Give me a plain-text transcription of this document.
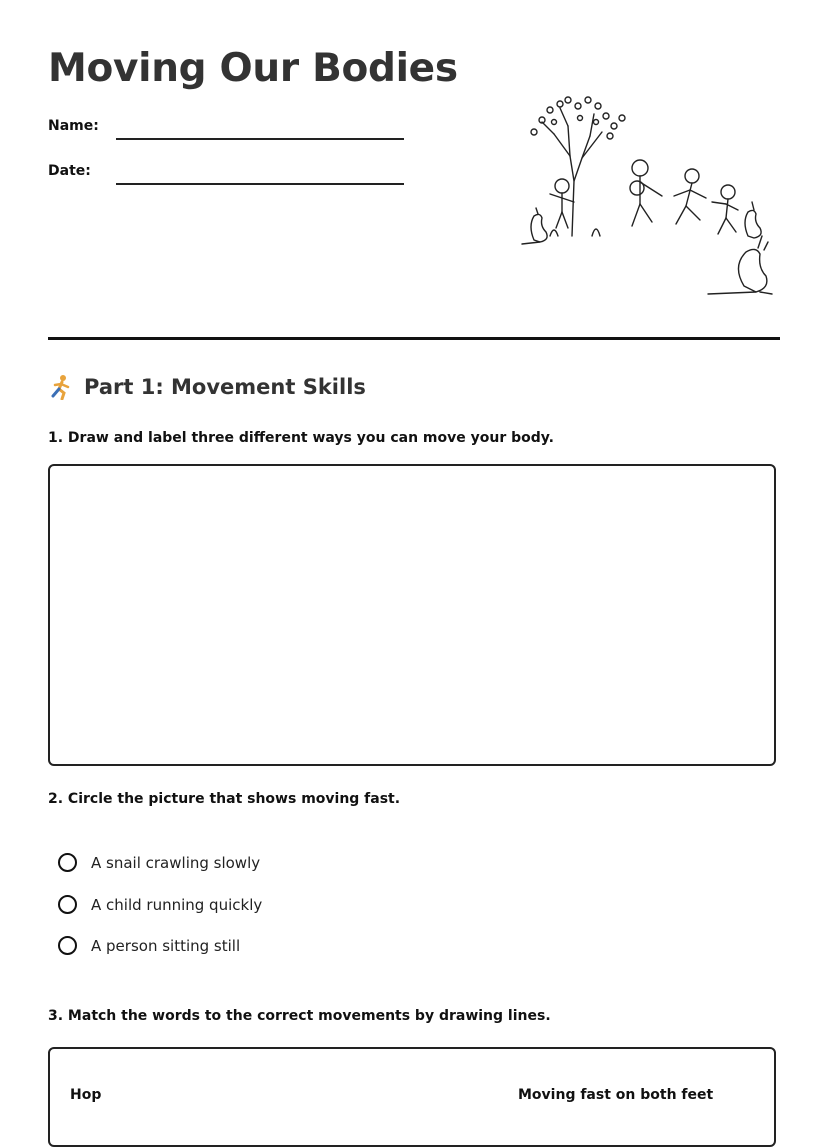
Moving Our Bodies
Name:
Date:
Part 1: Movement Skills

1. Draw and label three different ways you can move your body.

2. Circle the picture that shows moving fast.

A snail crawling slowly
A child running quickly
A person sitting still

3. Match the words to the correct movements by drawing lines.

Hop	Moving fast on both feet
